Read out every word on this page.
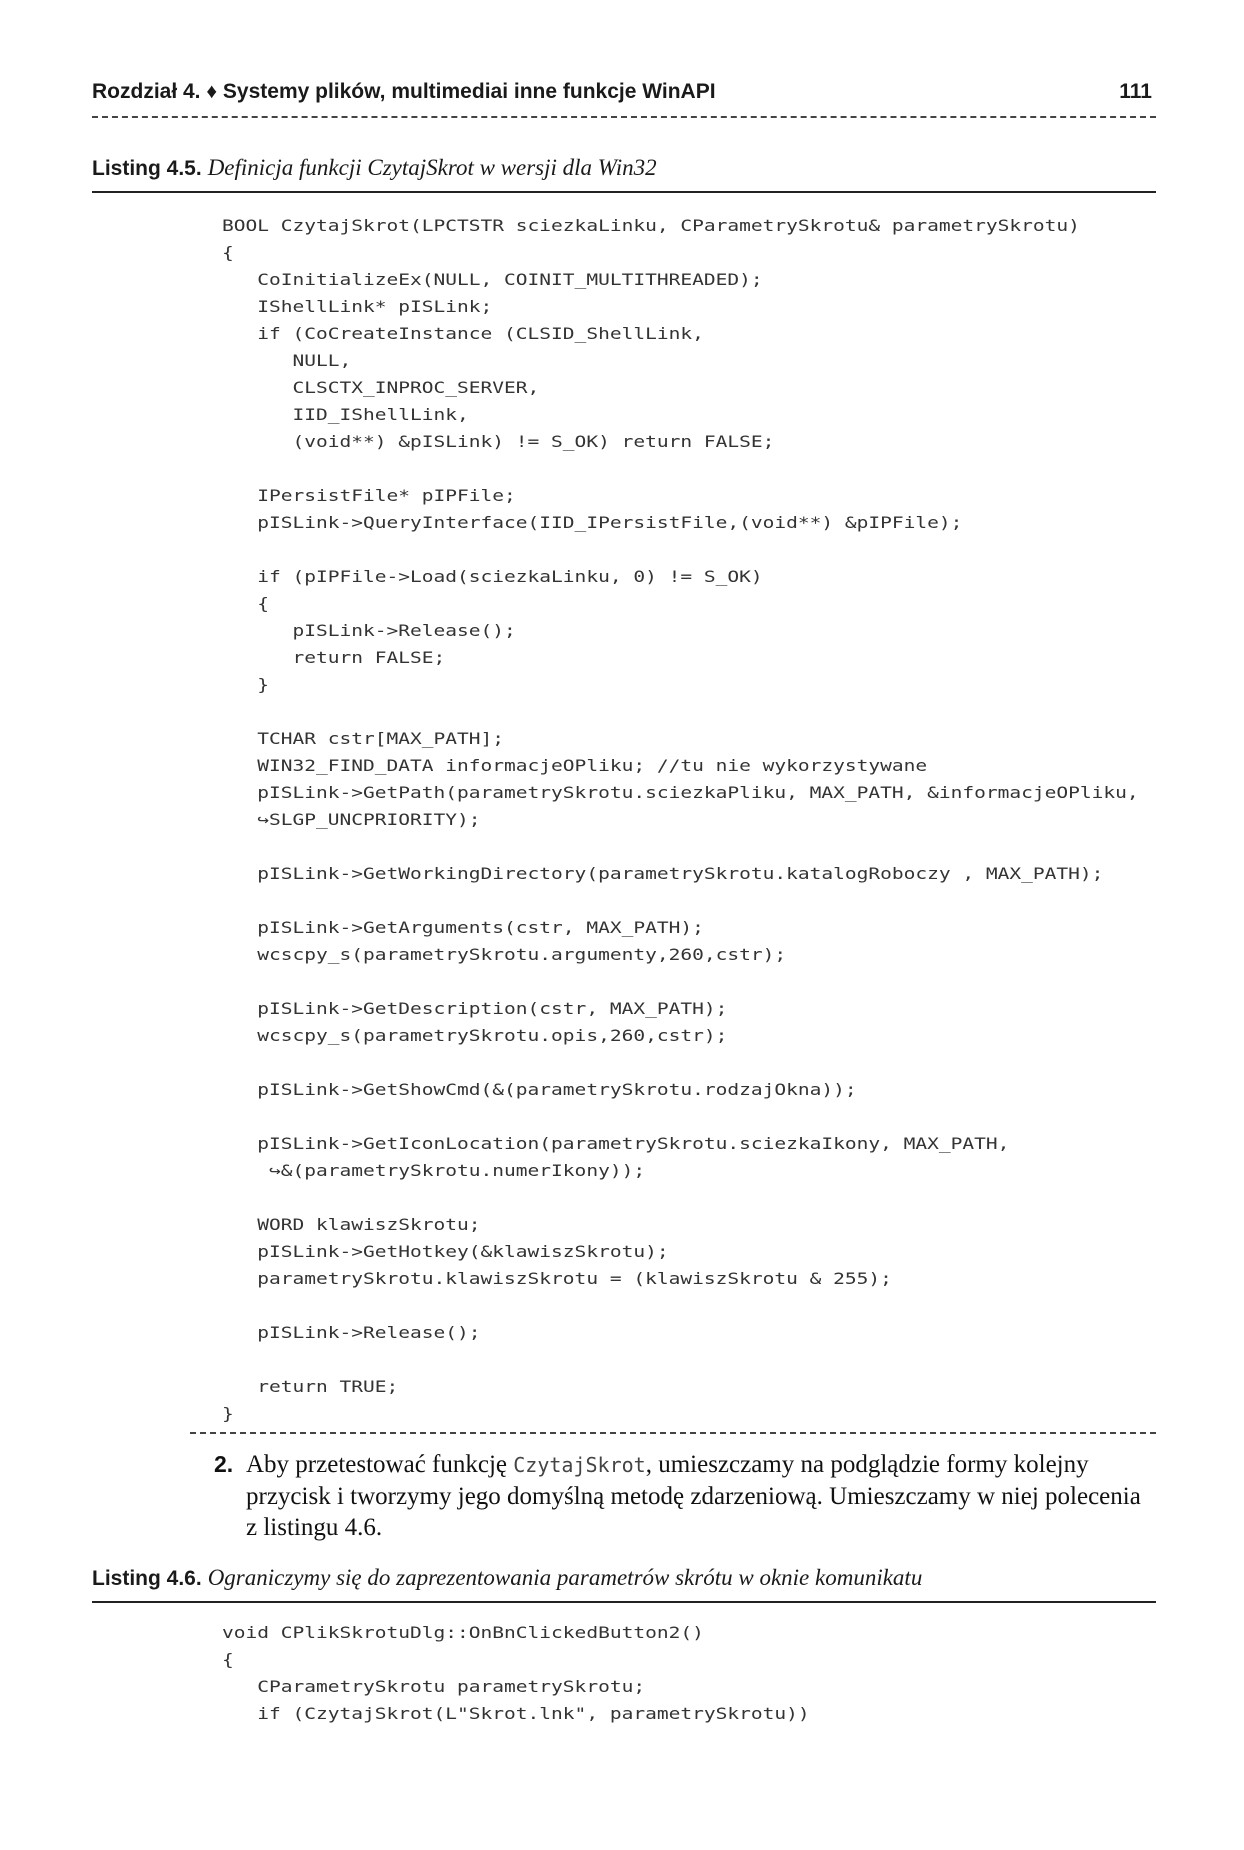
Rozdział 4. ♦ Systemy plików, multimediai inne funkcje WinAPI	111
Listing 4.5. Definicja funkcji CzytajSkrot w wersji dla Win32
BOOL CzytajSkrot(LPCTSTR sciezkaLinku, CParametrySkrotu& parametrySkrotu)
{
CoInitializeEx(NULL, COINIT_MULTITHREADED);
IShellLink* pISLink;
if (CoCreateInstance (CLSID_ShellLink,
NULL,
CLSCTX_INPROC_SERVER,
IID_IShellLink,
(void**) &pISLink) != S_OK) return FALSE;
IPersistFile* pIPFile;
pISLink->QueryInterface(IID_IPersistFile,(void**) &pIPFile);
if (pIPFile->Load(sciezkaLinku, 0) != S_OK)
{
pISLink->Release();
return FALSE;
}
TCHAR cstr[MAX_PATH];
WIN32_FIND_DATA informacjeOPliku; //tu nie wykorzystywane
pISLink->GetPath(parametrySkrotu.sciezkaPliku, MAX_PATH, &informacjeOPliku,
↪SLGP_UNCPRIORITY);
pISLink->GetWorkingDirectory(parametrySkrotu.katalogRoboczy , MAX_PATH);
pISLink->GetArguments(cstr, MAX_PATH);
wcscpy_s(parametrySkrotu.argumenty,260,cstr);
pISLink->GetDescription(cstr, MAX_PATH);
wcscpy_s(parametrySkrotu.opis,260,cstr);
pISLink->GetShowCmd(&(parametrySkrotu.rodzajOkna));
pISLink->GetIconLocation(parametrySkrotu.sciezkaIkony, MAX_PATH,
↪&(parametrySkrotu.numerIkony));
WORD klawiszSkrotu;
pISLink->GetHotkey(&klawiszSkrotu);
parametrySkrotu.klawiszSkrotu = (klawiszSkrotu & 255);
pISLink->Release();
return TRUE;
}
2. Aby przetestować funkcję CzytajSkrot, umieszczamy na podglądzie formy kolejny przycisk i tworzymy jego domyślną metodę zdarzeniową. Umieszczamy w niej polecenia z listingu 4.6.
Listing 4.6. Ograniczymy się do zaprezentowania parametrów skrótu w oknie komunikatu
void CPlikSkrotuDlg::OnBnClickedButton2()
{
CParametrySkrotu parametrySkrotu;
if (CzytajSkrot(L"Skrot.lnk", parametrySkrotu))
